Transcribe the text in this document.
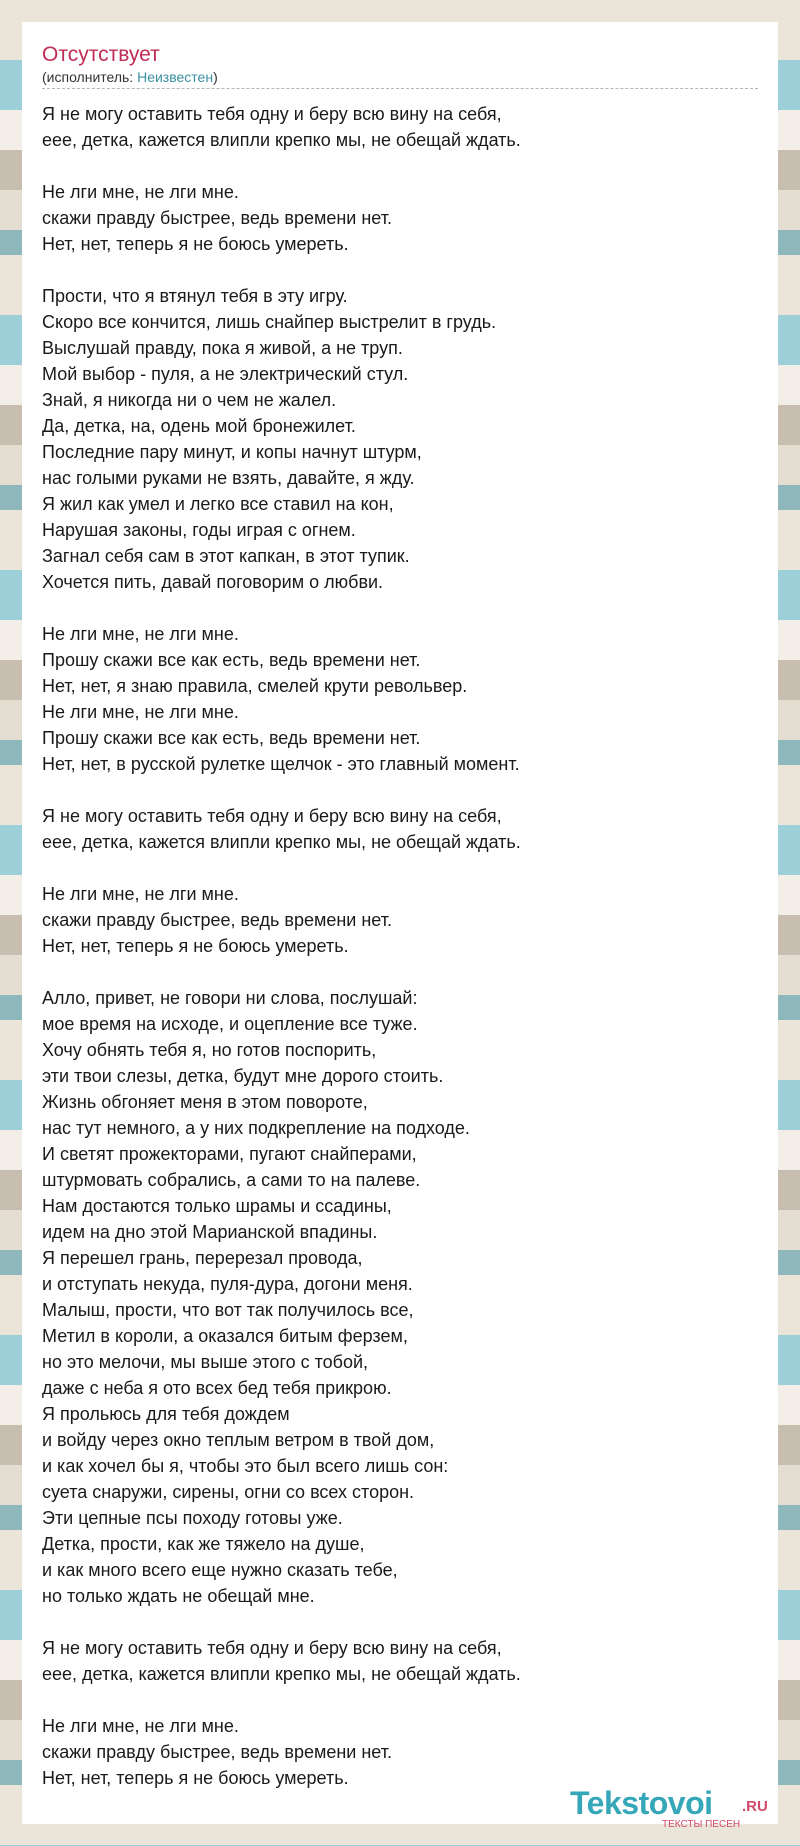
Отсутствует
(исполнитель: Неизвестен)
Я не могу оставить тебя одну и беру всю вину на себя,
еее, детка, кажется влипли крепко мы, не обещай ждать.
Не лги мне, не лги мне.
скажи правду быстрее, ведь времени нет.
Нет, нет, теперь я не боюсь умереть.
Прости, что я втянул тебя в эту игру.
Скоро все кончится, лишь снайпер выстрелит в грудь.
Выслушай правду, пока я живой, а не труп.
Мой выбор - пуля, а не электрический стул.
Знай, я никогда ни о чем не жалел.
Да, детка, на, одень мой бронежилет.
Последние пару минут, и копы начнут штурм,
нас голыми руками не взять, давайте, я жду.
Я жил как умел и легко все ставил на кон,
Нарушая законы, годы играя с огнем.
Загнал себя сам в этот капкан, в этот тупик.
Хочется пить, давай поговорим о любви.
Не лги мне, не лги мне.
Прошу скажи все как есть, ведь времени нет.
Нет, нет, я знаю правила, смелей крути револьвер.
Не лги мне, не лги мне.
Прошу скажи все как есть, ведь времени нет.
Нет, нет, в русской рулетке щелчок - это главный момент.
Я не могу оставить тебя одну и беру всю вину на себя,
еее, детка, кажется влипли крепко мы, не обещай ждать.
Не лги мне, не лги мне.
скажи правду быстрее, ведь времени нет.
Нет, нет, теперь я не боюсь умереть.
Алло, привет, не говори ни слова, послушай:
мое время на исходе, и оцепление все туже.
Хочу обнять тебя я, но готов поспорить,
эти твои слезы, детка, будут мне дорого стоить.
Жизнь обгоняет меня в этом повороте,
нас тут немного, а у них подкрепление на подходе.
И светят прожекторами, пугают снайперами,
штурмовать собрались, а сами то на палеве.
Нам достаются только шрамы и ссадины,
идем на дно этой Марианской впадины.
Я перешел грань, перерезал провода,
и отступать некуда, пуля-дура, догони меня.
Малыш, прости, что вот так получилось все,
Метил в короли, а оказался битым ферзем,
но это мелочи, мы выше этого с тобой,
даже с неба я ото всех бед тебя прикрою.
Я прольюсь для тебя дождем
и войду через окно теплым ветром в твой дом,
и как хочел бы я, чтобы это был всего лишь сон:
суета снаружи, сирены, огни со всех сторон.
Эти цепные псы походу готовы уже.
Детка, прости, как же тяжело на душе,
и как много всего еще нужно сказать тебе,
но только ждать не обещай мне.
Я не могу оставить тебя одну и беру всю вину на себя,
еее, детка, кажется влипли крепко мы, не обещай ждать.
Не лги мне, не лги мне.
скажи правду быстрее, ведь времени нет.
Нет, нет, теперь я не боюсь умереть.
Tekstovoi .RU
ТЕКСТЫ ПЕСЕН
